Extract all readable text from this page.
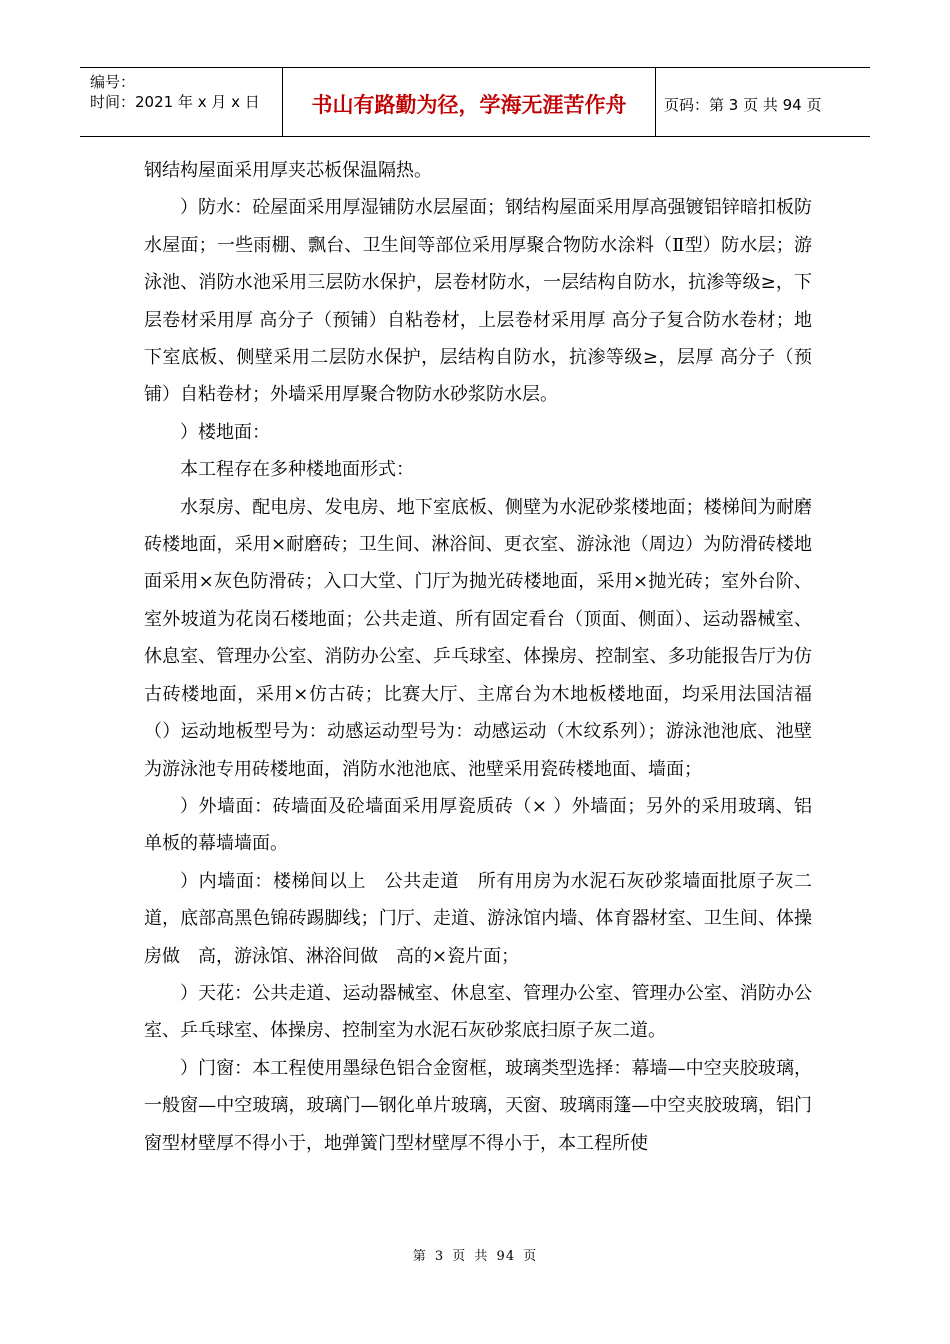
编号：
时间：2021 年 x 月 x 日	书山有路勤为径，学海无涯苦作舟	页码：第 3 页 共 94 页

钢结构屋面采用厚夹芯板保温隔热。

）防水：砼屋面采用厚湿铺防水层屋面；钢结构屋面采用厚高强镀铝锌暗扣板防水屋面；一些雨棚、飘台、卫生间等部位采用厚聚合物防水涂料（Ⅱ型）防水层；游泳池、消防水池采用三层防水保护，层卷材防水，一层结构自防水，抗渗等级≥，下层卷材采用厚 高分子（预铺）自粘卷材，上层卷材采用厚 高分子复合防水卷材；地下室底板、侧壁采用二层防水保护，层结构自防水，抗渗等级≥，层厚 高分子（预铺）自粘卷材；外墙采用厚聚合物防水砂浆防水层。

）楼地面：

本工程存在多种楼地面形式：

水泵房、配电房、发电房、地下室底板、侧壁为水泥砂浆楼地面；楼梯间为耐磨砖楼地面，采用×耐磨砖；卫生间、淋浴间、更衣室、游泳池（周边）为防滑砖楼地面采用×灰色防滑砖；入口大堂、门厅为抛光砖楼地面，采用×抛光砖；室外台阶、室外坡道为花岗石楼地面；公共走道、所有固定看台（顶面、侧面）、运动器械室、休息室、管理办公室、消防办公室、乒乓球室、体操房、控制室、多功能报告厅为仿古砖楼地面，采用×仿古砖；比赛大厅、主席台为木地板楼地面，均采用法国洁福（）运动地板型号为：动感运动型号为：动感运动（木纹系列）；游泳池池底、池壁为游泳池专用砖楼地面，消防水池池底、池壁采用瓷砖楼地面、墙面；

）外墙面：砖墙面及砼墙面采用厚瓷质砖（× ）外墙面；另外的采用玻璃、铝单板的幕墙墙面。

）内墙面：楼梯间以上　公共走道　所有用房为水泥石灰砂浆墙面批原子灰二道，底部高黑色锦砖踢脚线；门厅、走道、游泳馆内墙、体育器材室、卫生间、体操房做　高，游泳馆、淋浴间做　高的×瓷片面；

）天花：公共走道、运动器械室、休息室、管理办公室、管理办公室、消防办公室、乒乓球室、体操房、控制室为水泥石灰砂浆底扫原子灰二道。

）门窗：本工程使用墨绿色铝合金窗框，玻璃类型选择：幕墙—中空夹胶玻璃，一般窗—中空玻璃，玻璃门—钢化单片玻璃，天窗、玻璃雨篷—中空夹胶玻璃，铝门窗型材壁厚不得小于，地弹簧门型材壁厚不得小于，本工程所使

第 3 页 共 94 页
